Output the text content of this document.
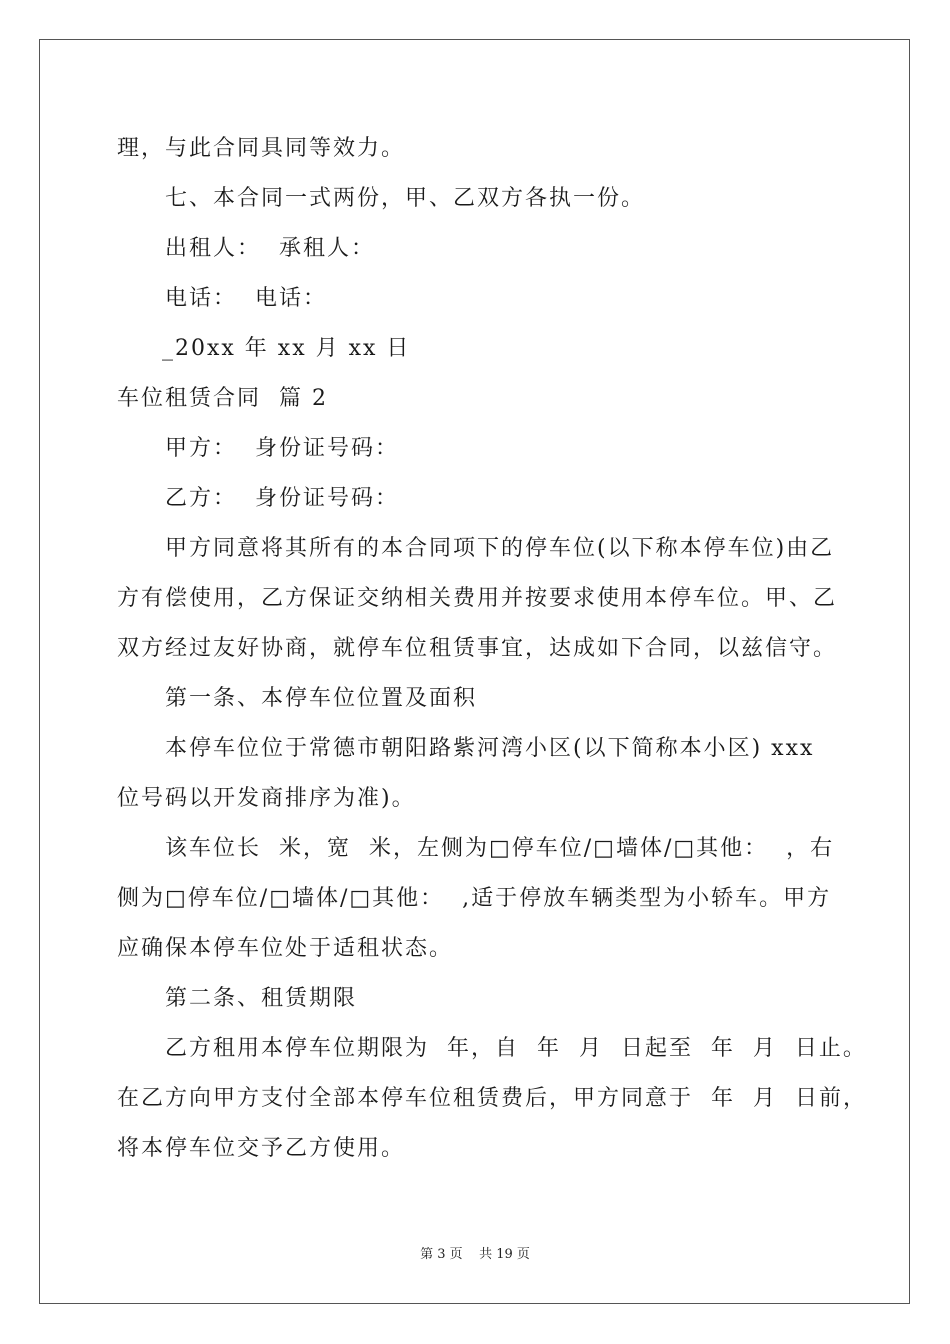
理，与此合同具同等效力。
七、本合同一式两份，甲、乙双方各执一份。
出租人：  承租人：
电话：  电话：
_20xx 年 xx 月 xx 日
车位租赁合同  篇 2
甲方：  身份证号码：
乙方：  身份证号码：
甲方同意将其所有的本合同项下的停车位(以下称本停车位)由乙
方有偿使用，乙方保证交纳相关费用并按要求使用本停车位。甲、乙
双方经过友好协商，就停车位租赁事宜，达成如下合同，以兹信守。
第一条、本停车位位置及面积
本停车位位于常德市朝阳路紫河湾小区(以下简称本小区) xxx
位号码以开发商排序为准)。
该车位长  米，宽  米，左侧为□停车位/□墙体/□其他：  ，右
侧为□停车位/□墙体/□其他：  ,适于停放车辆类型为小轿车。甲方
应确保本停车位处于适租状态。
第二条、租赁期限
乙方租用本停车位期限为  年，自  年  月  日起至  年  月  日止。
在乙方向甲方支付全部本停车位租赁费后，甲方同意于  年  月  日前，
将本停车位交予乙方使用。
第 3 页    共 19 页
